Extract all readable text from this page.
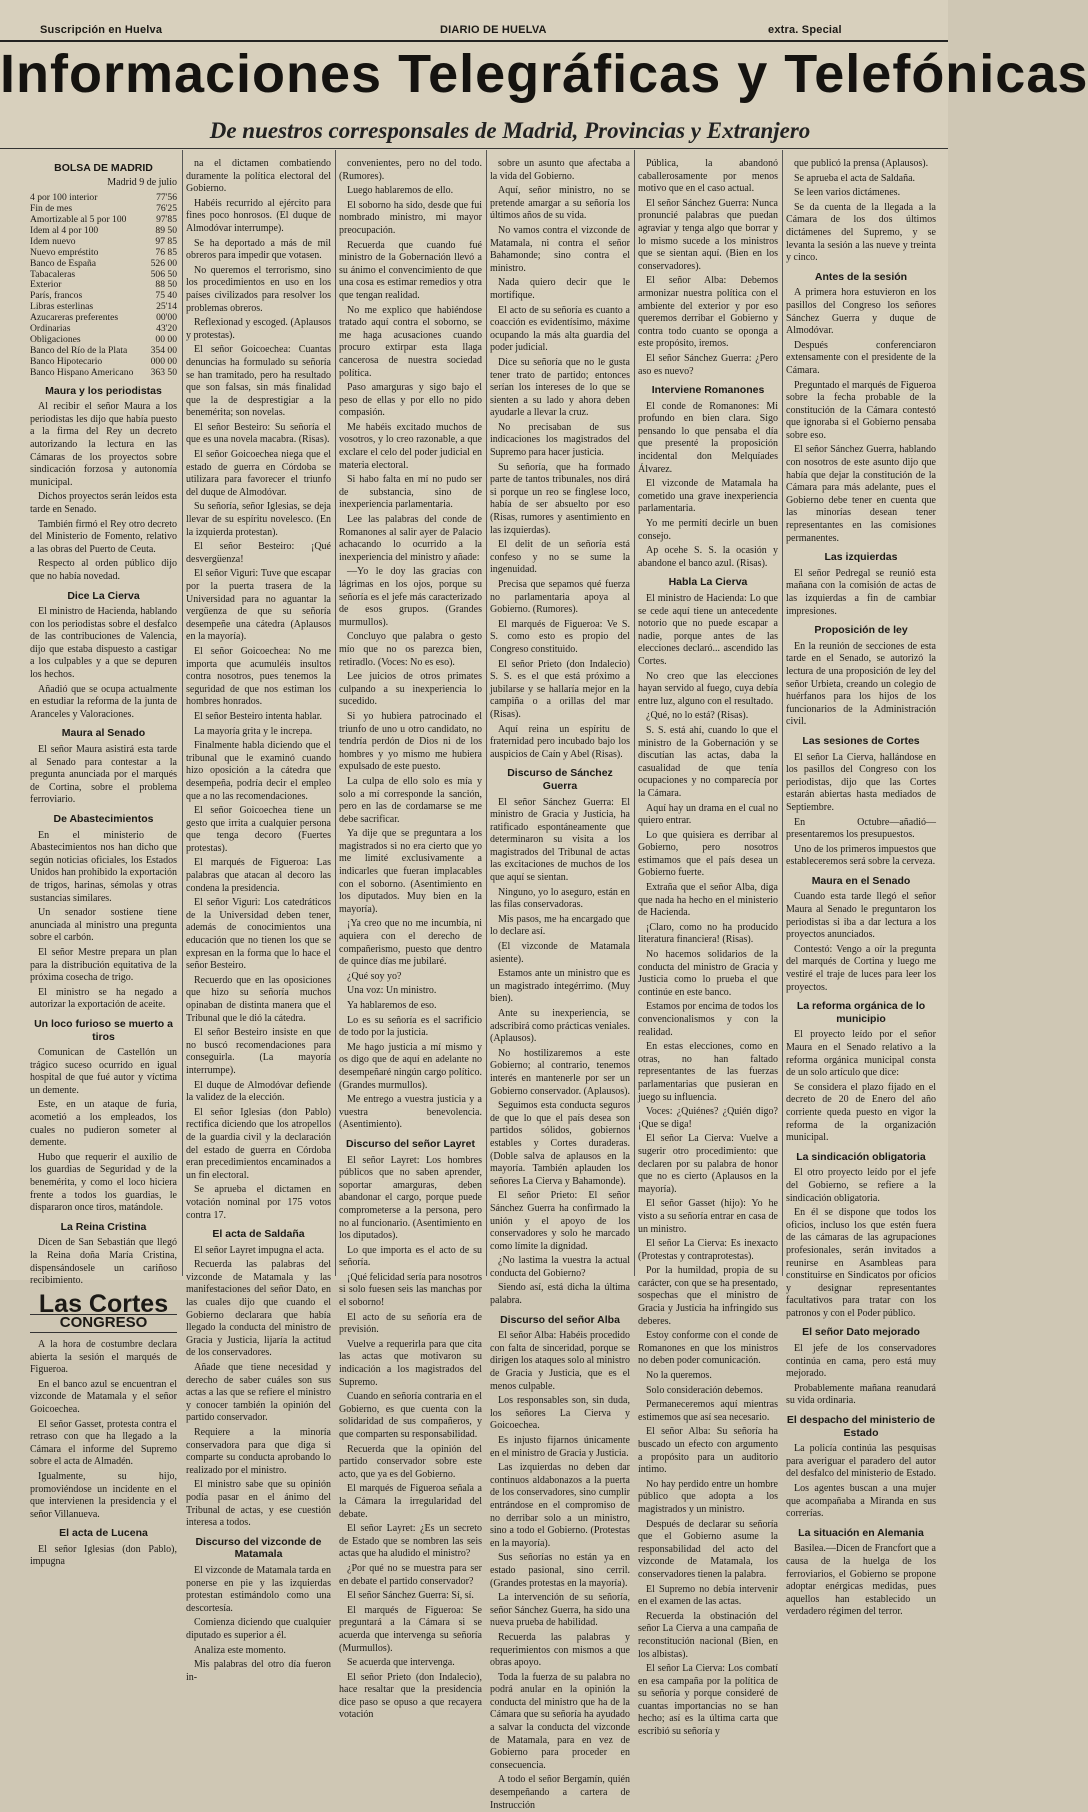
Suscripción en Huelva	DIARIO DE HUELVA	extra. Special
Informaciones Telegráficas y Telefónicas
De nuestros corresponsales de Madrid, Provincias y Extranjero
BOLSA DE MADRID
Madrid 9 de julio
4 por 100 interior	77'56
Fin de mes	76'25
Amortizable al 5 por 100	97'85
Idem al 4 por 100	89 50
Idem nuevo	97 85
Nuevo empréstito	76 85
Banco de España	526 00
Tabacaleras	506 50
Exterior	88 50
París, francos	75 40
Libras esterlinas	25'14
Azucareras preferentes	00'00
Ordinarias	43'20
Obligaciones	00 00
Banco del Río de la Plata 354 00
Banco Hipotecario	000 00
Banco Hispano Americano 363 50
Maura y los periodistas

Al recibir el señor Maura a los periodistas les dijo que había puesto a la firma del Rey un decreto autorizando la lectura en las Cámaras de los proyectos sobre sindicación forzosa y autonomía municipal.

Dichos proyectos serán leídos esta tarde en Senado.

También firmó el Rey otro decreto del Ministerio de Fomento, relativo a las obras del Puerto de Ceuta.

Respecto al orden público dijo que no había novedad.

Dice La Cierva

El ministro de Hacienda, hablando con los periodistas sobre el desfalco de las contribuciones de Valencia, dijo que estaba dispuesto a castigar a los culpables y a que se depuren los hechos.

Añadió que se ocupa actualmente en estudiar la reforma de la junta de Aranceles y Valoraciones.

Maura al Senado

El señor Maura asistirá esta tarde al Senado para contestar a la pregunta anunciada por el marqués de Cortina, sobre el problema ferroviario.

De Abastecimientos

En el ministerio de Abastecimientos nos han dicho que según noticias oficiales, los Estados Unidos han prohibido la exportación de trigos, harinas, sémolas y otras sustancias similares.

Un senador sostiene tiene anunciada al ministro una pregunta sobre el carbón.

El señor Mestre prepara un plan para la distribución equitativa de la próxima cosecha de trigo.

El ministro se ha negado a autorizar la exportación de aceite.

Un loco furioso se muerto a tiros

Comunican de Castellón un trágico suceso ocurrido en igual hospital de que fué autor y víctima un demente.

Este, en un ataque de furia, acometió a los empleados, los cuales no pudieron someter al demente.

Hubo que requerir el auxilio de los guardias de Seguridad y de la benemérita, y como el loco hiciera frente a todos los guardias, le dispararon once tiros, matándole.

La Reina Cristina

Dicen de San Sebastián que llegó la Reina doña María Cristina, dispensándosele un cariñoso recibimiento.

Las Cortes
CONGRESO

A la hora de costumbre declara abierta la sesión el marqués de Figueroa.

En el banco azul se encuentran el vizconde de Matamala y el señor Goicoechea.

El señor Gasset, protesta contra el retraso con que ha llegado a la Cámara el informe del Supremo sobre el acta de Almadén.

Igualmente, su hijo, promoviéndose un incidente en el que intervienen la presidencia y el señor Villanueva.

El acta de Lucena

El señor Iglesias (don Pablo), impugna

na el dictamen combatiendo duramente la política electoral del Gobierno.

Habéis recurrido al ejército para fines poco honrosos. (El duque de Almodóvar interrumpe).

Se ha deportado a más de mil obreros para impedir que votasen.

No queremos el terrorismo, sino los procedimientos en uso en los países civilizados para resolver los problemas obreros.

Reflexionad y escoged. (Aplausos y protestas).

El señor Goicoechea: Cuantas denuncias ha formulado su señoría se han tramitado, pero ha resultado que son falsas, sin más finalidad que la de desprestigiar a la benemérita; son novelas.

El señor Besteiro: Su señoría el que es una novela macabra. (Risas).

El señor Goicoechea niega que el estado de guerra en Córdoba se utilizara para favorecer el triunfo del duque de Almodóvar.

Su señoría, señor Iglesias, se deja llevar de su espíritu novelesco. (En la izquierda protestan).

El señor Besteiro: ¡Qué desvergüenza!

El señor Viguri: Tuve que escapar por la puerta trasera de la Universidad para no aguantar la vergüenza de que su señoría desempeñe una cátedra (Aplausos en la mayoría).

El señor Goicoechea: No me importa que acumuléis insultos contra nosotros, pues tenemos la seguridad de que nos estiman los hombres honrados.

El señor Besteiro intenta hablar.

La mayoría grita y le increpa.

Finalmente habla diciendo que el tribunal que le examinó cuando hizo oposición a la cátedra que desempeña, podría decir el empleo que a no las recomendaciones.

El señor Goicoechea tiene un gesto que irrita a cualquier persona que tenga decoro (Fuertes protestas).

El marqués de Figueroa: Las palabras que atacan al decoro las condena la presidencia.

El señor Viguri: Los catedráticos de la Universidad deben tener, además de conocimientos una educación que no tienen los que se expresan en la forma que lo hace el señor Besteiro.

Recuerdo que en las oposiciones que hizo su señoría muchos opinaban de distinta manera que el Tribunal que le dió la cátedra.

El señor Besteiro insiste en que no buscó recomendaciones para conseguirla. (La mayoría interrumpe).

El duque de Almodóvar defiende la validez de la elección.

El señor Iglesias (don Pablo) rectifica diciendo que los atropellos de la guardia civil y la declaración del estado de guerra en Córdoba eran precedimientos encaminados a un fin electoral.

Se aprueba el dictamen en votación nominal por 175 votos contra 17.

El acta de Saldaña

El señor Layret impugna el acta.

Recuerda las palabras del vizconde de Matamala y las manifestaciones del señor Dato, en las cuales dijo que cuando el Gobierno declarara que había llegado la conducta del ministro de Gracia y Justicia, lijaría la actitud de los conservadores.

Añade que tiene necesidad y derecho de saber cuáles son sus actas a las que se refiere el ministro y conocer también la opinión del partido conservador.

Requiere a la minoría conservadora para que diga si comparte su conducta aprobando lo realizado por el ministro.

El ministro sabe que su opinión podía pasar en el ánimo del Tribunal de actas, y ese cuestión interesa a todos.

Discurso del vizconde de Matamala

El vizconde de Matamala tarda en ponerse en pie y las izquierdas protestan estimándolo como una descortesía.

Comienza diciendo que cualquier diputado es superior a él.

Analiza este momento.

Mis palabras del otro día fueron in-

convenientes, pero no del todo. (Rumores).

Luego hablaremos de ello.

El soborno ha sido, desde que fui nombrado ministro, mi mayor preocupación.

Recuerda que cuando fué ministro de la Gobernación llevó a su ánimo el convencimiento de que una cosa es estimar remedios y otra que tengan realidad.

No me explico que habiéndose tratado aquí contra el soborno, se me haga acusaciones cuando procuro extirpar esta llaga cancerosa de nuestra sociedad política.

Paso amarguras y sigo bajo el peso de ellas y por ello no pido compasión.

Me habéis excitado muchos de vosotros, y lo creo razonable, a que exclare el celo del poder judicial en materia electoral.

Si habo falta en mí no pudo ser de substancia, sino de inexperiencia parlamentaria.

Lee las palabras del conde de Romanones al salir ayer de Palacio achacando lo ocurrido a la inexperiencia del ministro y añade:

—Yo le doy las gracias con lágrimas en los ojos, porque su señoría es el jefe más caracterizado de esos grupos. (Grandes murmullos).

Concluyo que palabra o gesto mío que no os parezca bien, retiradlo. (Voces: No es eso).

Lee juicios de otros primates culpando a su inexperiencia lo sucedido.

Si yo hubiera patrocinado el triunfo de uno u otro candidato, no tendría perdón de Dios ni de los hombres y yo mismo me hubiera expulsado de este puesto.

La culpa de ello solo es mía y solo a mí corresponde la sanción, pero en las de cordamarse se me debe sacrificar.

Ya dije que se preguntara a los magistrados si no era cierto que yo me limité exclusivamente a indicarles que fueran implacables con el soborno. (Asentimiento en los diputados. Muy bien en la mayoría).

¡Ya creo que no me incumbía, ni aquiera con el derecho de compañerismo, puesto que dentro de quince días me jubilaré.

¿Qué soy yo?

Una voz: Un ministro.

Ya hablaremos de eso.

Lo es su señoría es el sacrificio de todo por la justicia.

Me hago justicia a mí mismo y os digo que de aquí en adelante no desempeñaré ningún cargo político. (Grandes murmullos).

Me entrego a vuestra justicia y a vuestra benevolencia. (Asentimiento).

Discurso del señor Layret

El señor Layret: Los hombres públicos que no saben aprender, soportar amarguras, deben abandonar el cargo, porque puede comprometerse a la persona, pero no al funcionario. (Asentimiento en los diputados).

Lo que importa es el acto de su señoría.

¡Qué felicidad sería para nosotros si solo fuesen seis las manchas por el soborno!

El acto de su señoría era de previsión.

Vuelve a requerirla para que cita las actas que motivaron su indicación a los magistrados del Supremo.

Cuando en señoría contraria en el Gobierno, es que cuenta con la solidaridad de sus compañeros, y que comparten su responsabilidad.

Recuerda que la opinión del partido conservador sobre este acto, que ya es del Gobierno.

El marqués de Figueroa señala a la Cámara la irregularidad del debate.

El señor Layret: ¿Es un secreto de Estado que se nombren las seis actas que ha aludido el ministro?

¿Por qué no se muestra para ser en debate el partido conservador?

El señor Sánchez Guerra: Sí, sí.

El marqués de Figueroa: Se preguntará a la Cámara si se acuerda que intervenga su señoría (Murmullos).

Se acuerda que intervenga.

El señor Prieto (don Indalecio), hace resaltar que la presidencia dice paso se opuso a que recayera votación

sobre un asunto que afectaba a la vida del Gobierno.

Aquí, señor ministro, no se pretende amargar a su señoría los últimos años de su vida.

No vamos contra el vizconde de Matamala, ni contra el señor Bahamonde; sino contra el ministro.

Nada quiero decir que le mortifique.

El acto de su señoría es cuanto a coacción es evidentísimo, máxime ocupando la más alta guardia del poder judicial.

Dice su señoría que no le gusta tener trato de partido; entonces serían los intereses de lo que se sienten a su lado y ahora deben ayudarle a llevar la cruz.

No precisaban de sus indicaciones los magistrados del Supremo para hacer justicia.

Su señoría, que ha formado parte de tantos tribunales, nos dirá si porque un reo se finglese loco, había de ser absuelto por eso (Risas, rumores y asentimiento en las izquierdas).

El delit de un señoría está confeso y no se sume la ingenuidad.

Precisa que sepamos qué fuerza no parlamentaria apoya al Gobierno. (Rumores).

El marqués de Figueroa: Ve S. S. como esto es propio del Congreso constituido.

El señor Prieto (don Indalecio) S. S. es el que está próximo a jubilarse y se hallaría mejor en la campiña o a orillas del mar (Risas).

Aquí reina un espíritu de fraternidad pero incubado bajo los auspicios de Caín y Abel (Risas).

Discurso de Sánchez Guerra

El señor Sánchez Guerra: El ministro de Gracia y Justicia, ha ratificado espontáneamente que determinaron su visita a los magistrados del Tribunal de actas las excitaciones de muchos de los que aquí se sientan.

Ninguno, yo lo aseguro, están en las filas conservadoras.

Mis pasos, me ha encargado que lo declare así.

(El vizconde de Matamala asiente).

Estamos ante un ministro que es un magistrado íntegérrimo. (Muy bien).

Ante su inexperiencia, se adscribirá como prácticas veniales. (Aplausos).

No hostilizaremos a este Gobierno; al contrario, tenemos interés en mantenerle por ser un Gobierno conservador. (Aplausos).

Seguimos esta conducta seguros de que lo que el país desea son partidos sólidos, gobiernos estables y Cortes duraderas. (Doble salva de aplausos en la mayoría. También aplauden los señores La Cierva y Bahamonde).

El señor Prieto: El señor Sánchez Guerra ha confirmado la unión y el apoyo de los conservadores y solo he marcado como límite la dignidad.

¿No lastima la vuestra la actual conducta del Gobierno?

Siendo así, está dicha la última palabra.

Discurso del señor Alba

El señor Alba: Habéis procedido con falta de sinceridad, porque se dirigen los ataques solo al ministro de Gracia y Justicia, que es el menos culpable.

Los responsables son, sin duda, los señores La Cierva y Goicoechea.

Es injusto fijarnos únicamente en el ministro de Gracia y Justicia.

Las izquierdas no deben dar continuos aldabonazos a la puerta de los conservadores, sino cumplir entrándose en el compromiso de no derribar solo a un ministro, sino a todo el Gobierno. (Protestas en la mayoría).

Sus señorías no están ya en estado pasional, sino cerril. (Grandes protestas en la mayoría).

La intervención de su señoría, señor Sánchez Guerra, ha sido una nueva prueba de habilidad.

Recuerda las palabras y requerimientos con mismos a que obras apoyo.

Toda la fuerza de su palabra no podrá anular en la opinión la conducta del ministro que ha de la Cámara que su señoría ha ayudado a salvar la conducta del vizconde de Matamala, para en vez de Gobierno para proceder en consecuencia.

A todo el señor Bergamín, quién desempeñando a cartera de Instrucción

Pública, la abandonó caballerosamente por menos motivo que en el caso actual.

El señor Sánchez Guerra: Nunca pronuncié palabras que puedan agraviar y tenga algo que borrar y lo mismo sucede a los ministros que se sientan aquí. (Bien en los conservadores).

El señor Alba: Debemos armonizar nuestra política con el ambiente del exterior y por eso queremos derribar el Gobierno y contra todo cuanto se oponga a este propósito, iremos.

El señor Sánchez Guerra: ¿Pero aso es nuevo?

Interviene Romanones

El conde de Romanones: Mi profundo en bien clara. Sigo pensando lo que pensaba el día que presenté la proposición incidental don Melquíades Álvarez.

El vizconde de Matamala ha cometido una grave inexperiencia parlamentaria.

Yo me permití decirle un buen consejo.

Ap ocehe S. S. la ocasión y abandone el banco azul. (Risas).

Habla La Cierva

El ministro de Hacienda: Lo que se cede aquí tiene un antecedente notorio que no puede escapar a nadie, porque antes de las elecciones declaró... ascendido las Cortes.

No creo que las elecciones hayan servido al fuego, cuya debía entre luz, alguno con el resultado.

¿Qué, no lo está? (Risas).

S. S. está ahí, cuando lo que el ministro de la Gobernación y se discutían las actas, daba la casualidad de que tenía ocupaciones y no comparecía por la Cámara.

Aquí hay un drama en el cual no quiero entrar.

Lo que quisiera es derribar al Gobierno, pero nosotros estimamos que el país desea un Gobierno fuerte.

Extraña que el señor Alba, diga que nada ha hecho en el ministerio de Hacienda.

¡Claro, como no ha producido literatura financiera! (Risas).

No hacemos solidarios de la conducta del ministro de Gracia y Justicia como lo prueba el que continúe en este banco.

Estamos por encima de todos los convencionalismos y con la realidad.

En estas elecciones, como en otras, no han faltado representantes de las fuerzas parlamentarias que pusieran en juego su influencia.

Voces: ¿Quiénes? ¿Quién digo? ¡Que se diga!

El señor La Cierva: Vuelve a sugerir otro procedimiento: que declaren por su palabra de honor que no es cierto (Aplausos en la mayoría).

El señor Gasset (hijo): Yo he visto a su señoría entrar en casa de un ministro.

El señor La Cierva: Es inexacto (Protestas y contraprotestas).

Por la humildad, propia de su carácter, con que se ha presentado, sospechas que el ministro de Gracia y Justicia ha infringido sus deberes.

Estoy conforme con el conde de Romanones en que los ministros no deben poder comunicación.

No la queremos.

Solo consideración debemos.

Permaneceremos aquí mientras estimemos que así sea necesario.

El señor Alba: Su señoría ha buscado un efecto con argumento a propósito para un auditorio íntimo.

No hay perdido entre un hombre público que adopta a los magistrados y un ministro.

Después de declarar su señoría que el Gobierno asume la responsabilidad del acto del vizconde de Matamala, los conservadores tienen la palabra.

El Supremo no debía intervenir en el examen de las actas.

Recuerda la obstinación del señor La Cierva a una campaña de reconstitución nacional (Bien, en los albistas).

El señor La Cierva: Los combatí en esa campaña por la política de su señoría y porque consideré de cuantas importancias no se han hecho; así es la última carta que escribió su señoría y

que publicó la prensa (Aplausos).

Se aprueba el acta de Saldaña.

Se leen varios dictámenes.

Se da cuenta de la llegada a la Cámara de los dos últimos dictámenes del Supremo, y se levanta la sesión a las nueve y treinta y cinco.

Antes de la sesión

A primera hora estuvieron en los pasillos del Congreso los señores Sánchez Guerra y duque de Almodóvar.

Después conferenciaron extensamente con el presidente de la Cámara.

Preguntado el marqués de Figueroa sobre la fecha probable de la constitución de la Cámara contestó que ignoraba si el Gobierno pensaba sobre eso.

El señor Sánchez Guerra, hablando con nosotros de este asunto dijo que había que dejar la constitución de la Cámara para más adelante, pues el Gobierno debe tener en cuenta que las minorías desean tener representantes en las comisiones permanentes.

Las izquierdas

El señor Pedregal se reunió esta mañana con la comisión de actas de las izquierdas a fin de cambiar impresiones.

Proposición de ley

En la reunión de secciones de esta tarde en el Senado, se autorizó la lectura de una proposición de ley del señor Urbieta, creando un colegio de huérfanos para los hijos de los funcionarios de la Administración civil.

Las sesiones de Cortes

El señor La Cierva, hallándose en los pasillos del Congreso con los periodistas, dijo que las Cortes estarán abiertas hasta mediados de Septiembre.

En Octubre—añadió—presentaremos los presupuestos.

Uno de los primeros impuestos que estableceremos será sobre la cerveza.

Maura en el Senado

Cuando esta tarde llegó el señor Maura al Senado le preguntaron los periodistas si iba a dar lectura a los proyectos anunciados.

Contestó: Vengo a oír la pregunta del marqués de Cortina y luego me vestiré el traje de luces para leer los proyectos.

La reforma orgánica de lo municipio

El proyecto leído por el señor Maura en el Senado relativo a la reforma orgánica municipal consta de un solo artículo que dice:

Se considera el plazo fijado en el decreto de 20 de Enero del año corriente queda puesto en vigor la reforma de la organización municipal.

La sindicación obligatoria

El otro proyecto leído por el jefe del Gobierno, se refiere a la sindicación obligatoria.

En él se dispone que todos los oficios, incluso los que estén fuera de las cámaras de las agrupaciones profesionales, serán invitados a reunirse en Asambleas para constituirse en Sindicatos por oficios y designar representantes facultativos para tratar con los patronos y con el Poder público.

El señor Dato mejorado

El jefe de los conservadores continúa en cama, pero está muy mejorado.

Probablemente mañana reanudará su vida ordinaria.

El despacho del ministerio de Estado

La policía continúa las pesquisas para averiguar el paradero del autor del desfalco del ministerio de Estado.

Los agentes buscan a una mujer que acompañaba a Miranda en sus correrías.

La situación en Alemania

Basilea.—Dicen de Francfort que a causa de la huelga de los ferroviarios, el Gobierno se propone adoptar enérgicas medidas, pues aquellos han establecido un verdadero régimen del terror.
